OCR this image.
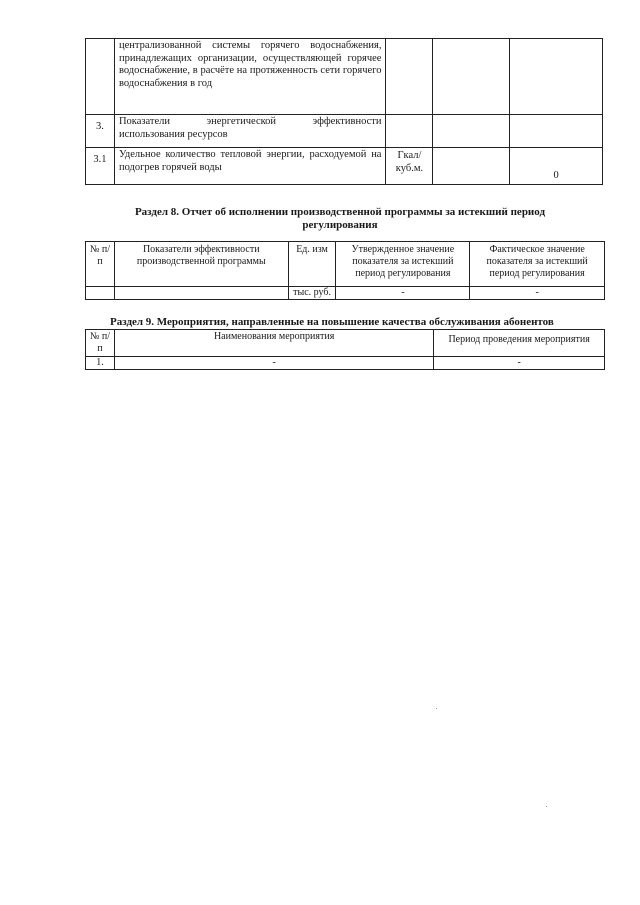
	централизованной системы горячего водоснабжения, принадлежащих организации, осуществляющей горячее водоснабжение, в расчёте на протяженность сети горячего водоснабжения в год			
3.	Показатели энергетической эффективности использования ресурсов			
3.1	Удельное количество тепловой энергии, расходуемой на подогрев горячей воды	Гкал/ куб.м.		0
Раздел 8. Отчет об исполнении производственной программы за истекший период регулирования
№ п/п	Показатели эффективности производственной программы	Ед. изм	Утвержденное значение показателя за истекший период регулирования	Фактическое значение показателя за истекший период регулирования
		тыс. руб.	-	-
Раздел 9. Мероприятия, направленные на повышение качества обслуживания абонентов
№ п/п	Наименования мероприятия	Период проведения мероприятия
1.	-	-
